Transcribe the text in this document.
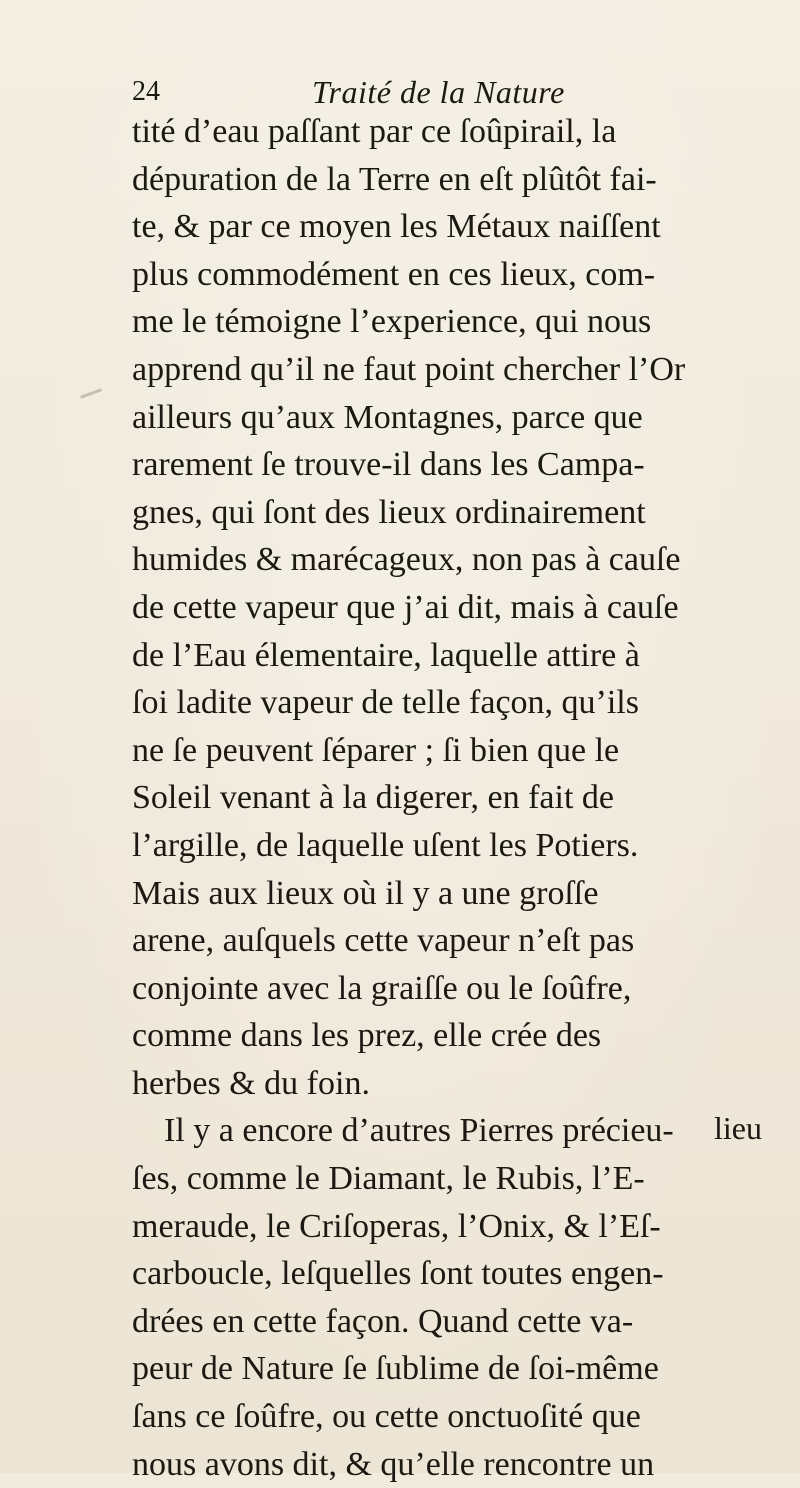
24	Traité de la Nature
tité d’eau paſſant par ce ſoûpirail, la
dépuration de la Terre en eſt plûtôt fai-
te, & par ce moyen les Métaux naiſſent
plus commodément en ces lieux, com-
me le témoigne l’experience, qui nous
apprend qu’il ne faut point chercher l’Or
ailleurs qu’aux Montagnes, parce que
rarement ſe trouve-il dans les Campa-
gnes, qui ſont des lieux ordinairement
humides & marécageux, non pas à cauſe
de cette vapeur que j’ai dit, mais à cauſe
de l’Eau élementaire, laquelle attire à
ſoi ladite vapeur de telle façon, qu’ils
ne ſe peuvent ſéparer ; ſi bien que le
Soleil venant à la digerer, en fait de
l’argille, de laquelle uſent les Potiers.
Mais aux lieux où il y a une groſſe
arene, auſquels cette vapeur n’eſt pas
conjointe avec la graiſſe ou le ſoûfre,
comme dans les prez, elle crée des
herbes & du foin.
Il y a encore d’autres Pierres précieu-
ſes, comme le Diamant, le Rubis, l’E-
meraude, le Criſoperas, l’Onix, & l’Eſ-
carboucle, leſquelles ſont toutes engen-
drées en cette façon. Quand cette va-
peur de Nature ſe ſublime de ſoi-même
ſans ce ſoûfre, ou cette onctuoſité que
nous avons dit, & qu’elle rencontre un
lieu
